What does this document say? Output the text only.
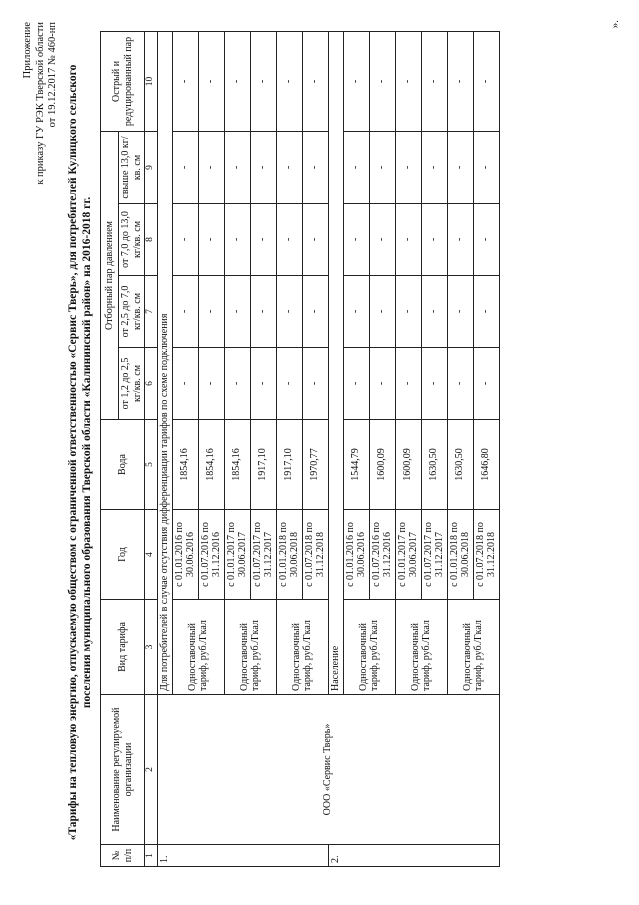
Приложение к приказу ГУ РЭК Тверской области от 19.12.2017 № 460-нп «Тарифы на тепловую энергию, отпускаемую обществом с ограниченной ответственностью «Сервис Тверь», для потребителей Кулицкого сельского поселения муниципального образования Тверской области «Калининский район» на 2016-2018 гг.
№ п/п	Наименование регулируемой организации	Вид тарифа	Год	Вода	Отборный пар давлением				Острый и редуцированный пар
					от 1,2 до 2,5 кг/кв. см	от 2,5 до 7,0 кг/кв. см	от 7,0 до 13,0 кг/кв. см	свыше 13,0 кг/кв. см	
1	2	3	4	5	6	7	8	9	10
1.	ООО «Сервис Тверь»	Для потребителей в случае отсутствия дифференциации тарифов по схеме подключения							
		Одноставочный тариф, руб./Гкал	с 01.01.2016 по 30.06.2016	1854,16	-	-	-	-	-
			с 01.07.2016 по 31.12.2016	1854,16	-	-	-	-	-
		Одноставочный тариф, руб./Гкал	с 01.01.2017 по 30.06.2017	1854,16	-	-	-	-	-
			с 01.07.2017 по 31.12.2017	1917,10	-	-	-	-	-
		Одноставочный тариф, руб./Гкал	с 01.01.2018 по 30.06.2018	1917,10	-	-	-	-	-
			с 01.07.2018 по 31.12.2018	1970,77	-	-	-	-	-
2.		Население							
		Одноставочный тариф, руб./Гкал	с 01.01.2016 по 30.06.2016	1544,79	-	-	-	-	-
			с 01.07.2016 по 31.12.2016	1600,09	-	-	-	-	-
		Одноставочный тариф, руб./Гкал	с 01.01.2017 по 30.06.2017	1600,09	-	-	-	-	-
			с 01.07.2017 по 31.12.2017	1630,50	-	-	-	-	-
		Одноставочный тариф, руб./Гкал	с 01.01.2018 по 30.06.2018	1630,50	-	-	-	-	-
			с 01.07.2018 по 31.12.2018	1646,80	-	-	-	-	-
».
